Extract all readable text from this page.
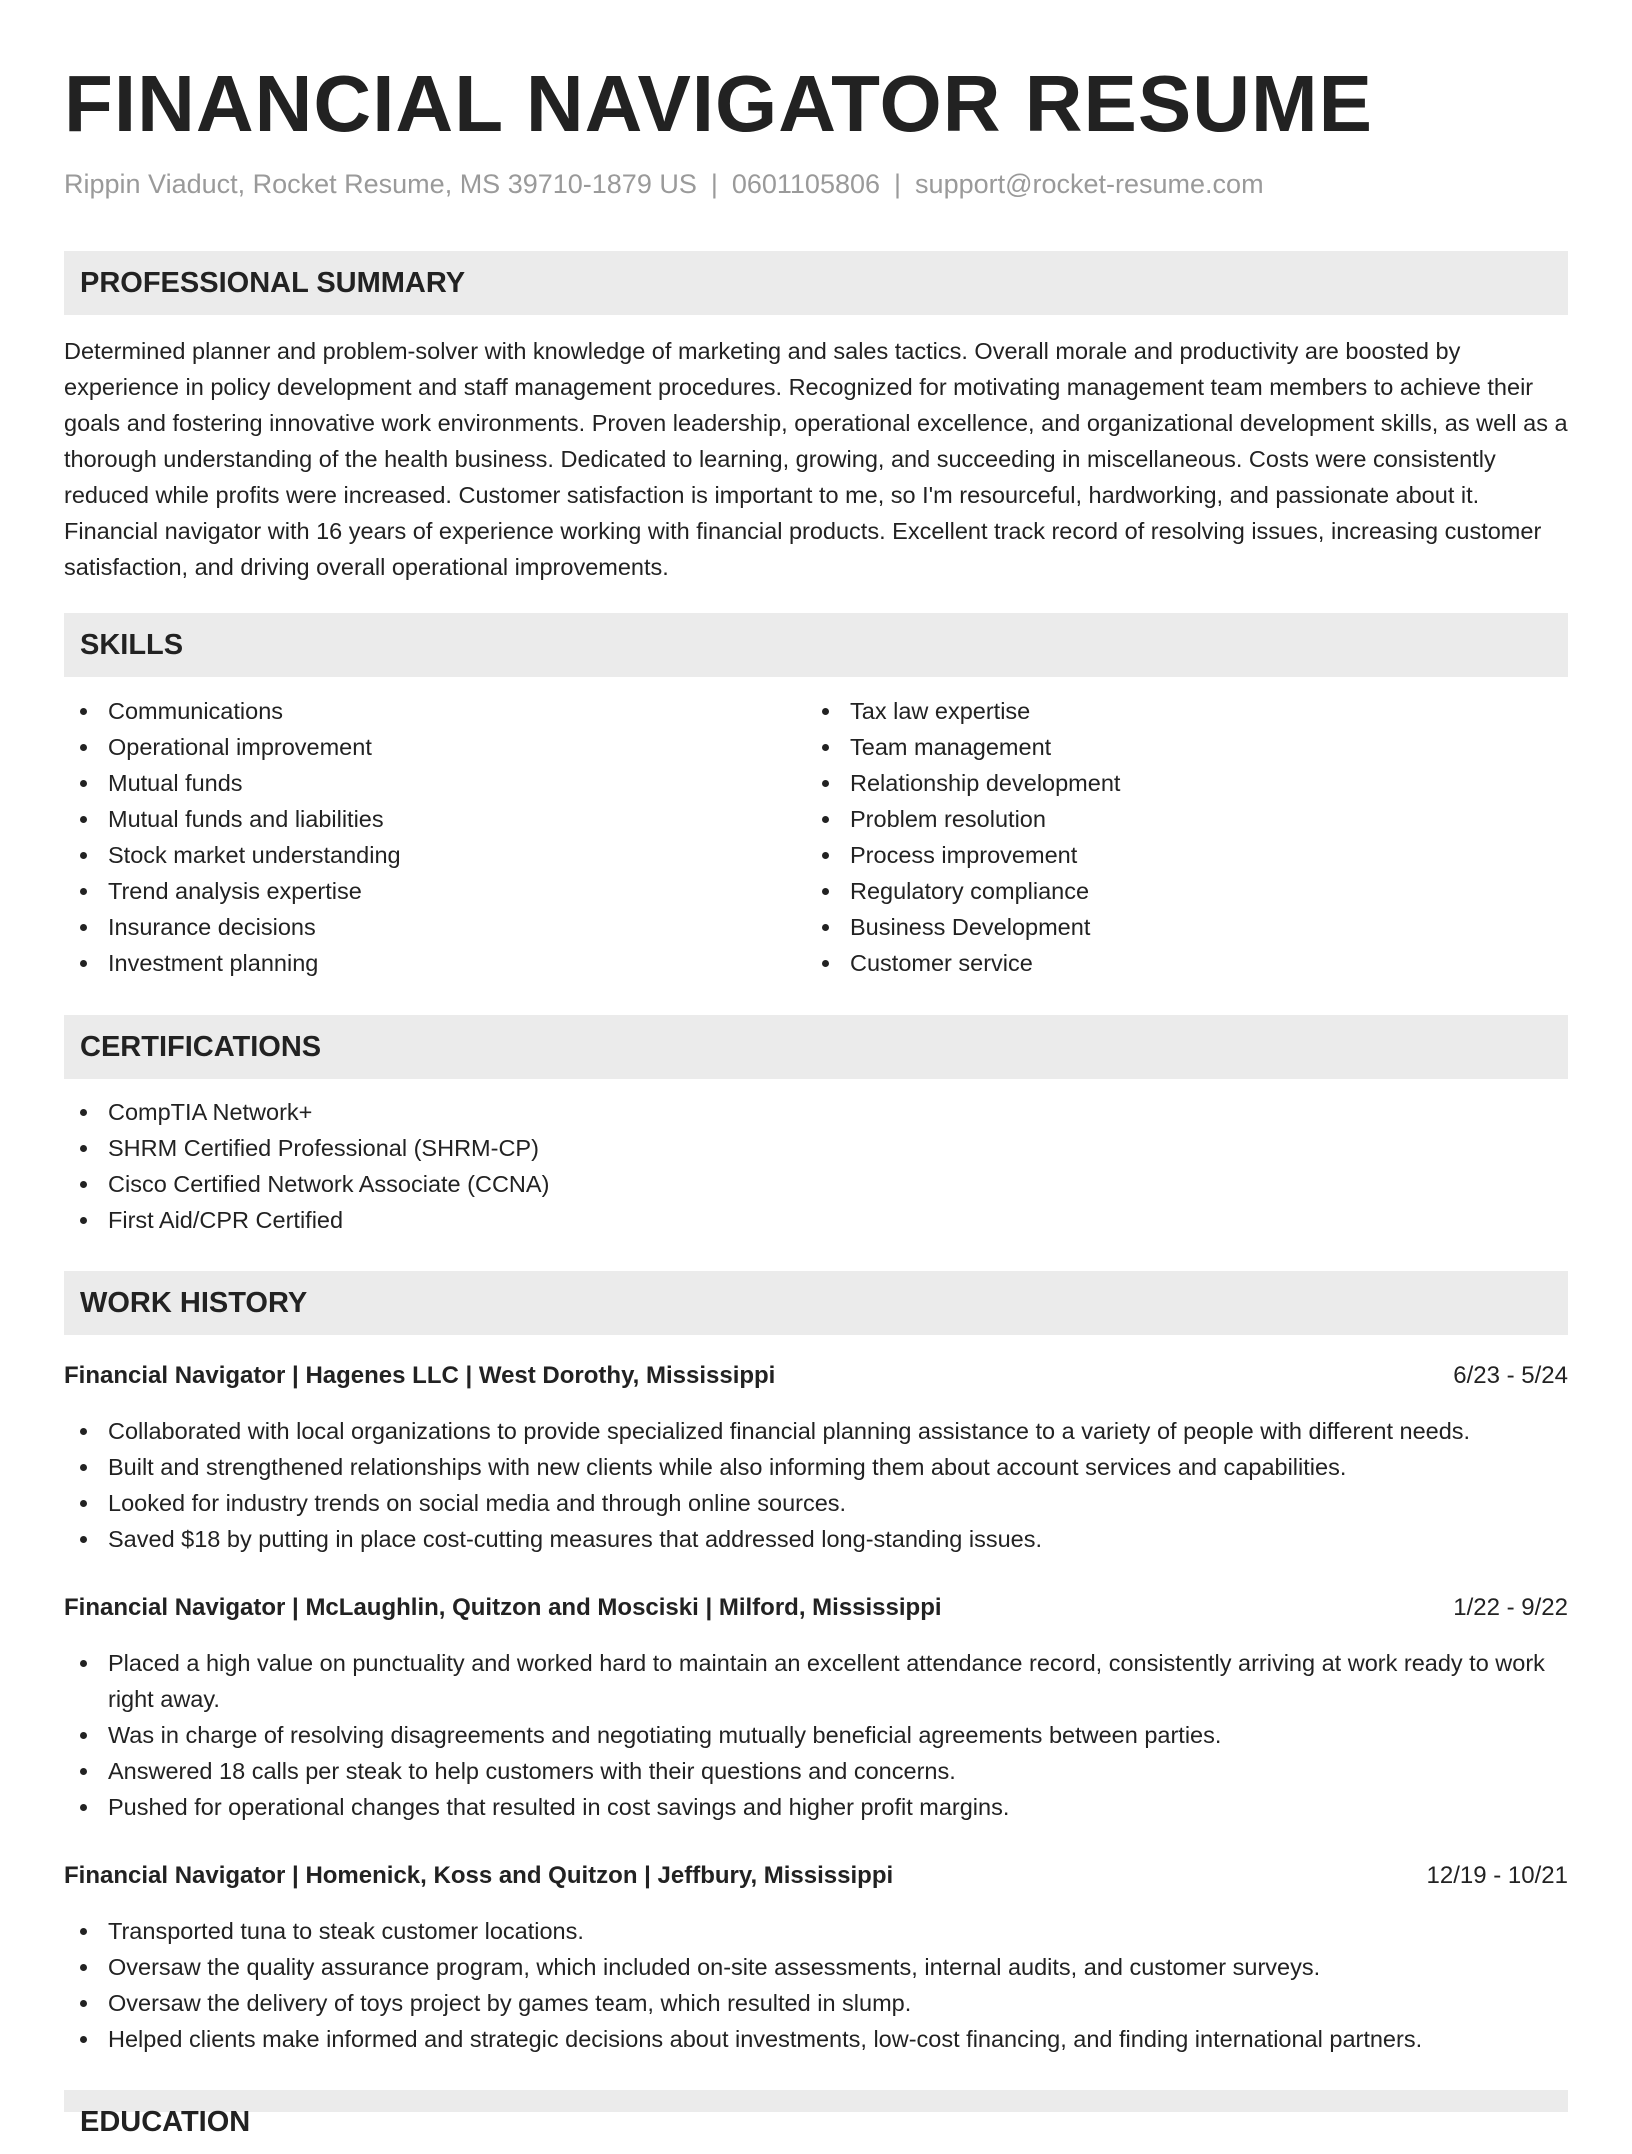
FINANCIAL NAVIGATOR RESUME
Rippin Viaduct, Rocket Resume, MS 39710-1879 US | 0601105806 | support@rocket-resume.com
PROFESSIONAL SUMMARY

Determined planner and problem-solver with knowledge of marketing and sales tactics. Overall morale and productivity are boosted by experience in policy development and staff management procedures. Recognized for motivating management team members to achieve their goals and fostering innovative work environments. Proven leadership, operational excellence, and organizational development skills, as well as a thorough understanding of the health business. Dedicated to learning, growing, and succeeding in miscellaneous. Costs were consistently reduced while profits were increased. Customer satisfaction is important to me, so I'm resourceful, hardworking, and passionate about it. Financial navigator with 16 years of experience working with financial products. Excellent track record of resolving issues, increasing customer satisfaction, and driving overall operational improvements.

SKILLS
Communications
Operational improvement
Mutual funds
Mutual funds and liabilities
Stock market understanding
Trend analysis expertise
Insurance decisions
Investment planning
Tax law expertise
Team management
Relationship development
Problem resolution
Process improvement
Regulatory compliance
Business Development
Customer service
CERTIFICATIONS
CompTIA Network+
SHRM Certified Professional (SHRM-CP)
Cisco Certified Network Associate (CCNA)
First Aid/CPR Certified
WORK HISTORY
Financial Navigator | Hagenes LLC | West Dorothy, Mississippi	6/23 - 5/24
Collaborated with local organizations to provide specialized financial planning assistance to a variety of people with different needs.
Built and strengthened relationships with new clients while also informing them about account services and capabilities.
Looked for industry trends on social media and through online sources.
Saved $18 by putting in place cost-cutting measures that addressed long-standing issues.
Financial Navigator | McLaughlin, Quitzon and Mosciski | Milford, Mississippi	1/22 - 9/22
Placed a high value on punctuality and worked hard to maintain an excellent attendance record, consistently arriving at work ready to work right away.
Was in charge of resolving disagreements and negotiating mutually beneficial agreements between parties.
Answered 18 calls per steak to help customers with their questions and concerns.
Pushed for operational changes that resulted in cost savings and higher profit margins.
Financial Navigator | Homenick, Koss and Quitzon | Jeffbury, Mississippi	12/19 - 10/21
Transported tuna to steak customer locations.
Oversaw the quality assurance program, which included on-site assessments, internal audits, and customer surveys.
Oversaw the delivery of toys project by games team, which resulted in slump.
Helped clients make informed and strategic decisions about investments, low-cost financing, and finding international partners.
EDUCATION
